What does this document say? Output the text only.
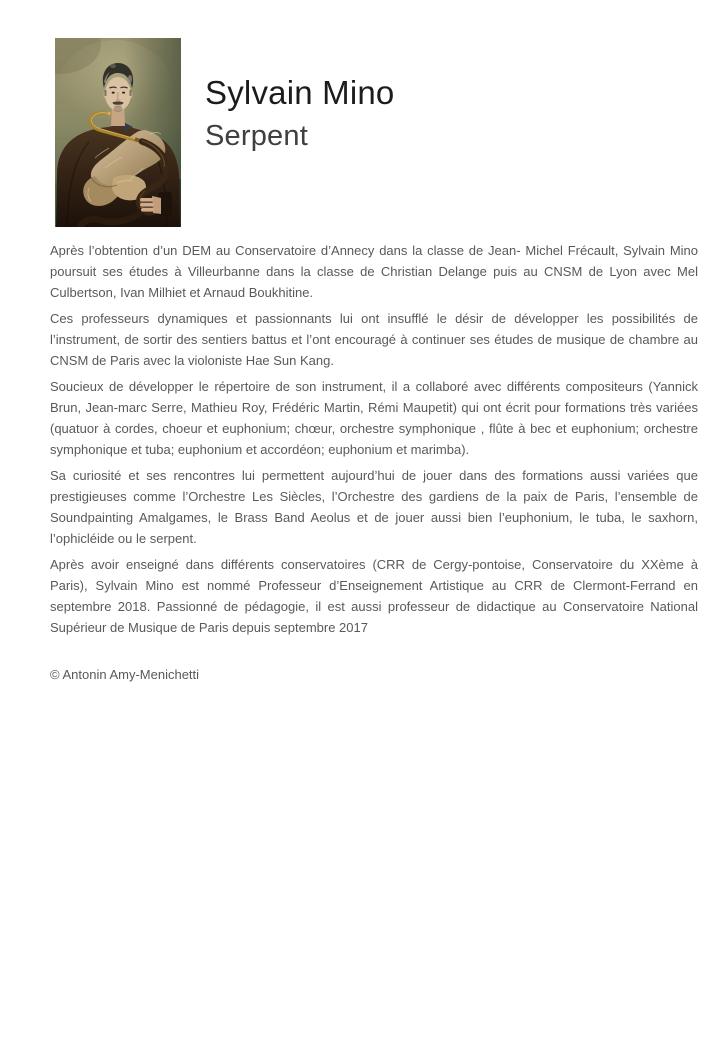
Sylvain Mino
Serpent

Après l’obtention d’un DEM au Conservatoire d’Annecy dans la classe de Jean- Michel Frécault, Sylvain Mino poursuit ses études à Villeurbanne dans la classe de Christian Delange puis au CNSM de Lyon avec Mel Culbertson, Ivan Milhiet et Arnaud Boukhitine.

Ces professeurs dynamiques et passionnants lui ont insufflé le désir de développer les possibilités de l’instrument, de sortir des sentiers battus et l’ont encouragé à continuer ses études de musique de chambre au CNSM de Paris avec la violoniste Hae Sun Kang.

Soucieux de développer le répertoire de son instrument, il a collaboré avec différents compositeurs (Yannick Brun, Jean-marc Serre, Mathieu Roy, Frédéric Martin, Rémi Maupetit) qui ont écrit pour formations très variées (quatuor à cordes, choeur et euphonium; chœur, orchestre symphonique , flûte à bec et euphonium; orchestre symphonique et tuba; euphonium et accordéon; euphonium et marimba).

Sa curiosité et ses rencontres lui permettent aujourd’hui de jouer dans des formations aussi variées que prestigieuses comme l’Orchestre Les Siècles, l’Orchestre des gardiens de la paix de Paris, l’ensemble de Soundpainting Amalgames, le Brass Band Aeolus et de jouer aussi bien l’euphonium, le tuba, le saxhorn, l’ophicléide ou le serpent.

Après avoir enseigné dans différents conservatoires (CRR de Cergy-pontoise, Conservatoire du XXème à Paris), Sylvain Mino est nommé Professeur d’Enseignement Artistique au CRR de Clermont-Ferrand en septembre 2018. Passionné de pédagogie, il est aussi professeur de didactique au Conservatoire National Supérieur de Musique de Paris depuis septembre 2017

© Antonin Amy-Menichetti
